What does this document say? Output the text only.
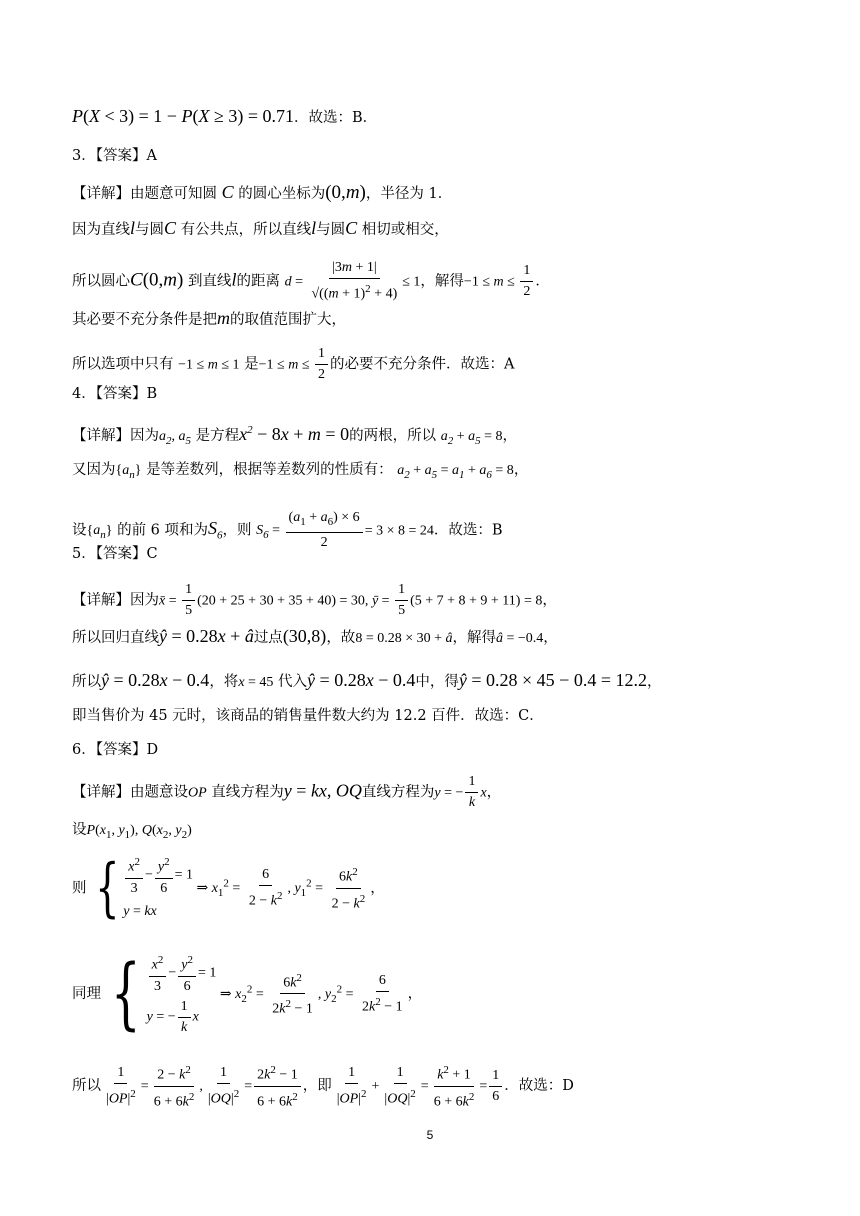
P(X < 3) = 1 − P(X ≥ 3) = 0.71．故选：B．
3．【答案】A
【详解】由题意可知圆 C 的圆心坐标为(0,m)，半径为 1．
因为直线l与圆C 有公共点，所以直线l与圆C 相切或相交，
所以圆心C(0,m) 到直线l的距离 $d = \frac{|3m + 1|}{√((m + 1)^2 + 4)} \le 1$，解得$-1 \le m \le \frac{1}{2}$ ．
其必要不充分条件是把m的取值范围扩大，
所以选项中只有 −1 ≤ m ≤ 1 是$-1 \le m \le \frac{1}{2}$ 的必要不充分条件．故选：A
4．【答案】B
【详解】因为$a_2$, $a_5$ 是方程$x^2 - 8x + m = 0$的两根，所以 $a_2 + a_5 = 8$，
又因为$\{a_n\}$ 是等差数列，根据等差数列的性质有： $a_2 + a_5 = a_1 + a_6 = 8$，
设$\{a_n\}$ 的前 6 项和为$S_6$，则 $S_6 = \frac{(a_1 + a_6) \times 6}{2} = 3 \times 8 = 24$．故选：B
5．【答案】C
【详解】因为x̄ = $\frac{1}{5} (20 + 25 + 30 + 35 + 40) = 30$, ȳ = $\frac{1}{5} (5 + 7 + 8 + 9 + 11) = 8$，
所以回归直线ŷ = 0.28x + â过点(30,8)，故8 = 0.28 × 30 + â，解得â = −0.4，
所以ŷ = 0.28x − 0.4，将x = 45 代入ŷ = 0.28x − 0.4中，得ŷ = 0.28 × 45 − 0.4 = 12.2，
即当售价为 45 元时，该商品的销售量件数大约为 12.2 百件．故选：C．
6．【答案】D
【详解】由题意设OP 直线方程为y = kx, OQ直线方程为y = − $\frac{1}{k}$ x，
设$P(x_1$, $y_1$), $Q(x_2$, $y_2$)
则 { $\frac{x^2}{3} - \frac{y^2}{6} = 1$
y = kx
⇒ $x_1^2 = \frac{6}{2 - k^2}$ , $y_1^2 = \frac{6k^2}{2 - k^2}$ ，
同理 { $\frac{x^2}{3} - \frac{y^2}{6} = 1$
y = − $\frac{1}{k}$ x
⇒ $x_2^2 = \frac{6k^2}{2k^2 - 1}$ , $y_2^2 = \frac{6}{2k^2 - 1}$ ，
所以 $\frac{1}{|OP|^2} = \frac{2 - k^2}{6 + 6k^2}$ , $\frac{1}{|OQ|^2} = \frac{2k^2 - 1}{6 + 6k^2}$ ，即 $\frac{1}{|OP|^2} + \frac{1}{|OQ|^2} = \frac{k^2 + 1}{6 + 6k^2} = \frac{1}{6}$ ．故选：D
5
